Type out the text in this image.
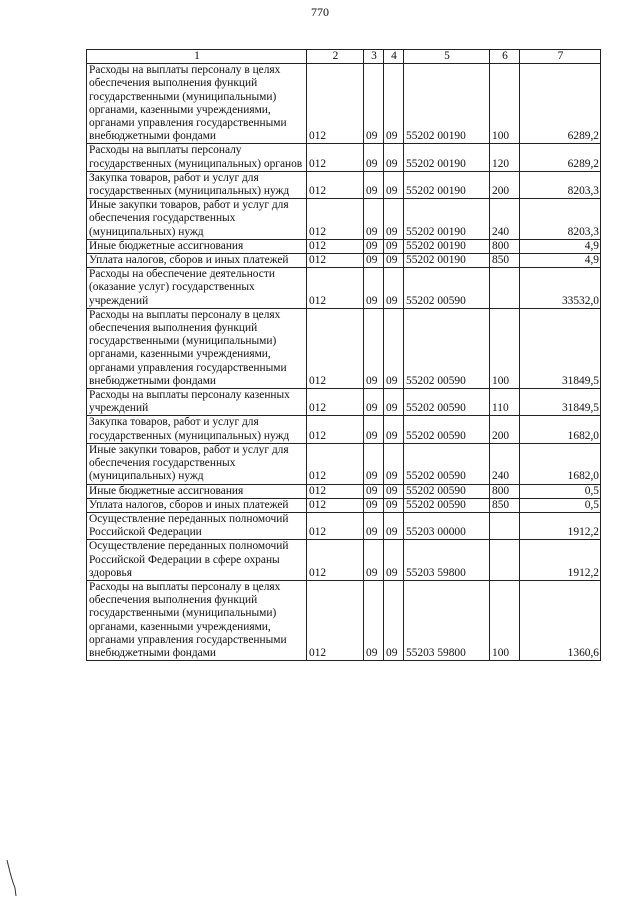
770
1	2	3	4	5	6	7
Расходы на выплаты персоналу в целях обеспечения выполнения функций государственными (муниципальными) органами, казенными учреждениями, органами управления государственными внебюджетными фондами	012	09	09	55202 00190	100	6289,2
Расходы на выплаты персоналу государственных (муниципальных) органов	012	09	09	55202 00190	120	6289,2
Закупка товаров, работ и услуг для государственных (муниципальных) нужд	012	09	09	55202 00190	200	8203,3
Иные закупки товаров, работ и услуг для обеспечения государственных (муниципальных) нужд	012	09	09	55202 00190	240	8203,3
Иные бюджетные ассигнования	012	09	09	55202 00190	800	4,9
Уплата налогов, сборов и иных платежей	012	09	09	55202 00190	850	4,9
Расходы на обеспечение деятельности (оказание услуг) государственных учреждений	012	09	09	55202 00590		33532,0
Расходы на выплаты персоналу в целях обеспечения выполнения функций государственными (муниципальными) органами, казенными учреждениями, органами управления государственными внебюджетными фондами	012	09	09	55202 00590	100	31849,5
Расходы на выплаты персоналу казенных учреждений	012	09	09	55202 00590	110	31849,5
Закупка товаров, работ и услуг для государственных (муниципальных) нужд	012	09	09	55202 00590	200	1682,0
Иные закупки товаров, работ и услуг для обеспечения государственных (муниципальных) нужд	012	09	09	55202 00590	240	1682,0
Иные бюджетные ассигнования	012	09	09	55202 00590	800	0,5
Уплата налогов, сборов и иных платежей	012	09	09	55202 00590	850	0,5
Осуществление переданных полномочий Российской Федерации	012	09	09	55203 00000		1912,2
Осуществление переданных полномочий Российской Федерации в сфере охраны здоровья	012	09	09	55203 59800		1912,2
Расходы на выплаты персоналу в целях обеспечения выполнения функций государственными (муниципальными) органами, казенными учреждениями, органами управления государственными внебюджетными фондами	012	09	09	55203 59800	100	1360,6
